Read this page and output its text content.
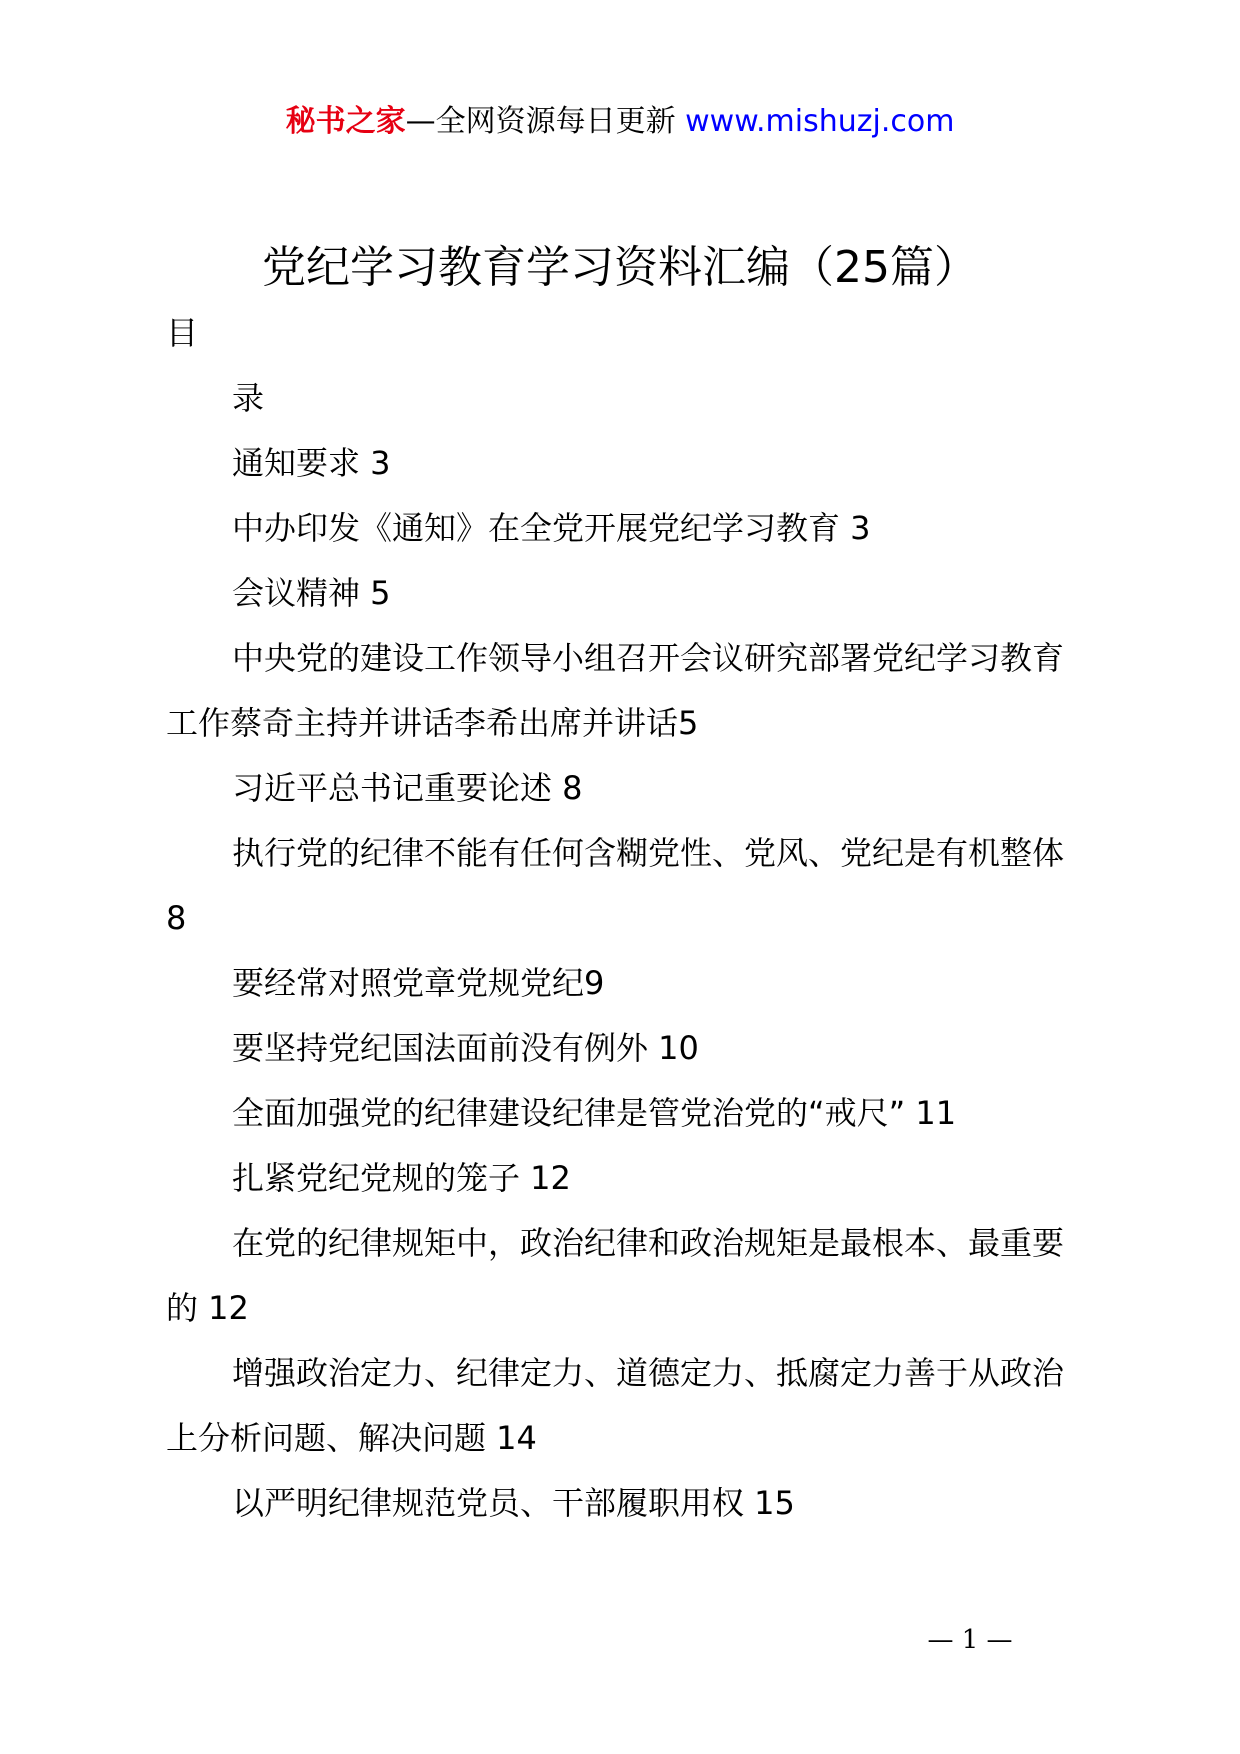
秘书之家—全网资源每日更新 www.mishuzj.com
党纪学习教育学习资料汇编（25篇）
目
录
通知要求 3
中办印发《通知》在全党开展党纪学习教育 3
会议精神 5
中央党的建设工作领导小组召开会议研究部署党纪学习教育工作蔡奇主持并讲话李希出席并讲话5
习近平总书记重要论述 8
执行党的纪律不能有任何含糊党性、党风、党纪是有机整体 8
要经常对照党章党规党纪9
要坚持党纪国法面前没有例外 10
全面加强党的纪律建设纪律是管党治党的“戒尺” 11
扎紧党纪党规的笼子 12
在党的纪律规矩中，政治纪律和政治规矩是最根本、最重要的 12
增强政治定力、纪律定力、道德定力、抵腐定力善于从政治上分析问题、解决问题 14
以严明纪律规范党员、干部履职用权 15
— 1 —
